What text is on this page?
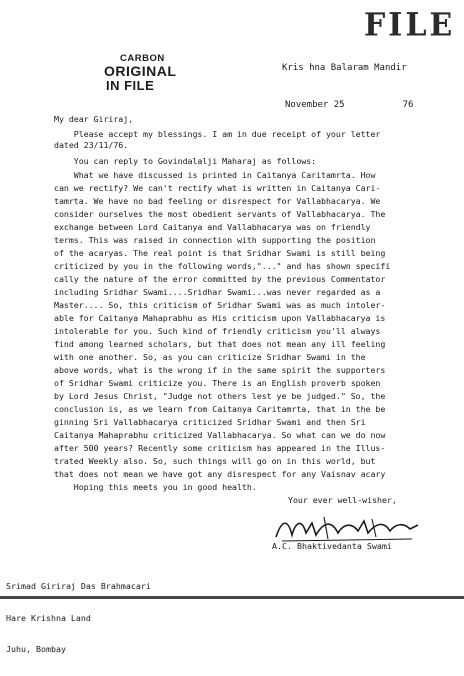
FILE
CARBON
ORIGINAL
IN FILE
Kris hna Balaram Mandir
November 25	76
My dear Giriraj,
Please accept my blessings. I am in due receipt of your letter
dated 23/11/76.
You can reply to Govindalalji Maharaj as follows:
What we have discussed is printed in Caitanya Caritamrta. How
can we rectify? We can't rectify what is written in Caitanya Cari-
tamrta. We have no bad feeling or disrespect for Vallabhacarya. We
consider ourselves the most obedient servants of Vallabhacarya. The
exchange between Lord Caitanya and Vallabhacarya was on friendly
terms. This was raised in connection with supporting the position
of the acaryas. The real point is that Sridhar Swami is still being
criticized by you in the following words,"..." and has shown specifi
cally the nature of the error committed by the previous Commentator
including Sridhar Swami....Sridhar Swami...was never regarded as a
Master.... So, this criticism of Sridhar Swami was as much intoler-
able for Caitanya Mahaprabhu as His criticism upon Vallabhacarya is
intolerable for you. Such kind of friendly criticism you'll always
find among learned scholars, but that does not mean any ill feeling
with one another. So, as you can criticize Sridhar Swami in the
above words, what is the wrong if in the same spirit the supporters
of Sridhar Swami criticize you. There is an English proverb spoken
by Lord Jesus Christ, "Judge not others lest ye be judged." So, the
conclusion is, as we learn from Caitanya Caritamrta, that in the be
ginning Sri Vallabhacarya criticized Sridhar Swami and then Sri
Caitanya Mahaprabhu criticized Vallabhacarya. So what can we do now
after 500 years? Recently some criticism has appeared in the Illus-
trated Weekly also. So, such things will go on in this world, but
that does not mean we have got any disrespect for any Vaisnav acary
Hoping this meets you in good health.
Your ever well-wisher,
A.C. Bhaktivedanta Swami

Srimad Giriraj Das Brahmacari

Hare Krishna Land

Juhu, Bombay
